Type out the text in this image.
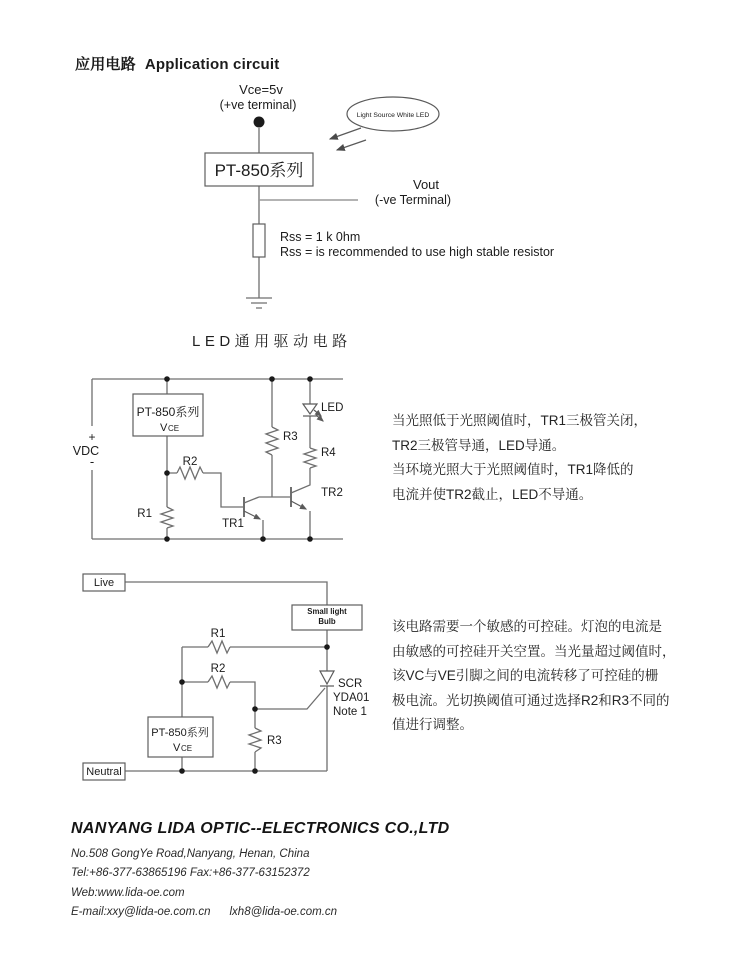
应用电路 Application circuit
Vce=5v
(+ve terminal)
PT-850系列
Light Source White LED
Vout
(-ve Terminal)
Rss = 1 k 0hm
Rss = is recommended to use high stable resistor
PT-850系列
V CE
+
VDC
-
R1
R2
R3
R4
TR1
TR2
LED
Live
Neutral
Small light
Bulb
PT-850系列
V CE
R1
R2
R3
SCR
YDA01
Note 1
LED通用驱动电路
当光照低于光照阈值时，TR1三极管关闭，
TR2三极管导通，LED导通。
当环境光照大于光照阈值时，TR1降低的
电流并使TR2截止，LED不导通。
该电路需要一个敏感的可控硅。灯泡的电流是
由敏感的可控硅开关空置。当光量超过阈值时，
该VC与VE引脚之间的电流转移了可控硅的栅
极电流。光切换阈值可通过选择R2和R3不同的
值进行调整。
NANYANG LIDA OPTIC--ELECTRONICS CO.,LTD
No.508 GongYe Road,Nanyang, Henan, China
Tel:+86-377-63865196 Fax:+86-377-63152372
Web:www.lida-oe.com
E-mail:xxy@lida-oe.com.cn lxh8@lida-oe.com.cn
